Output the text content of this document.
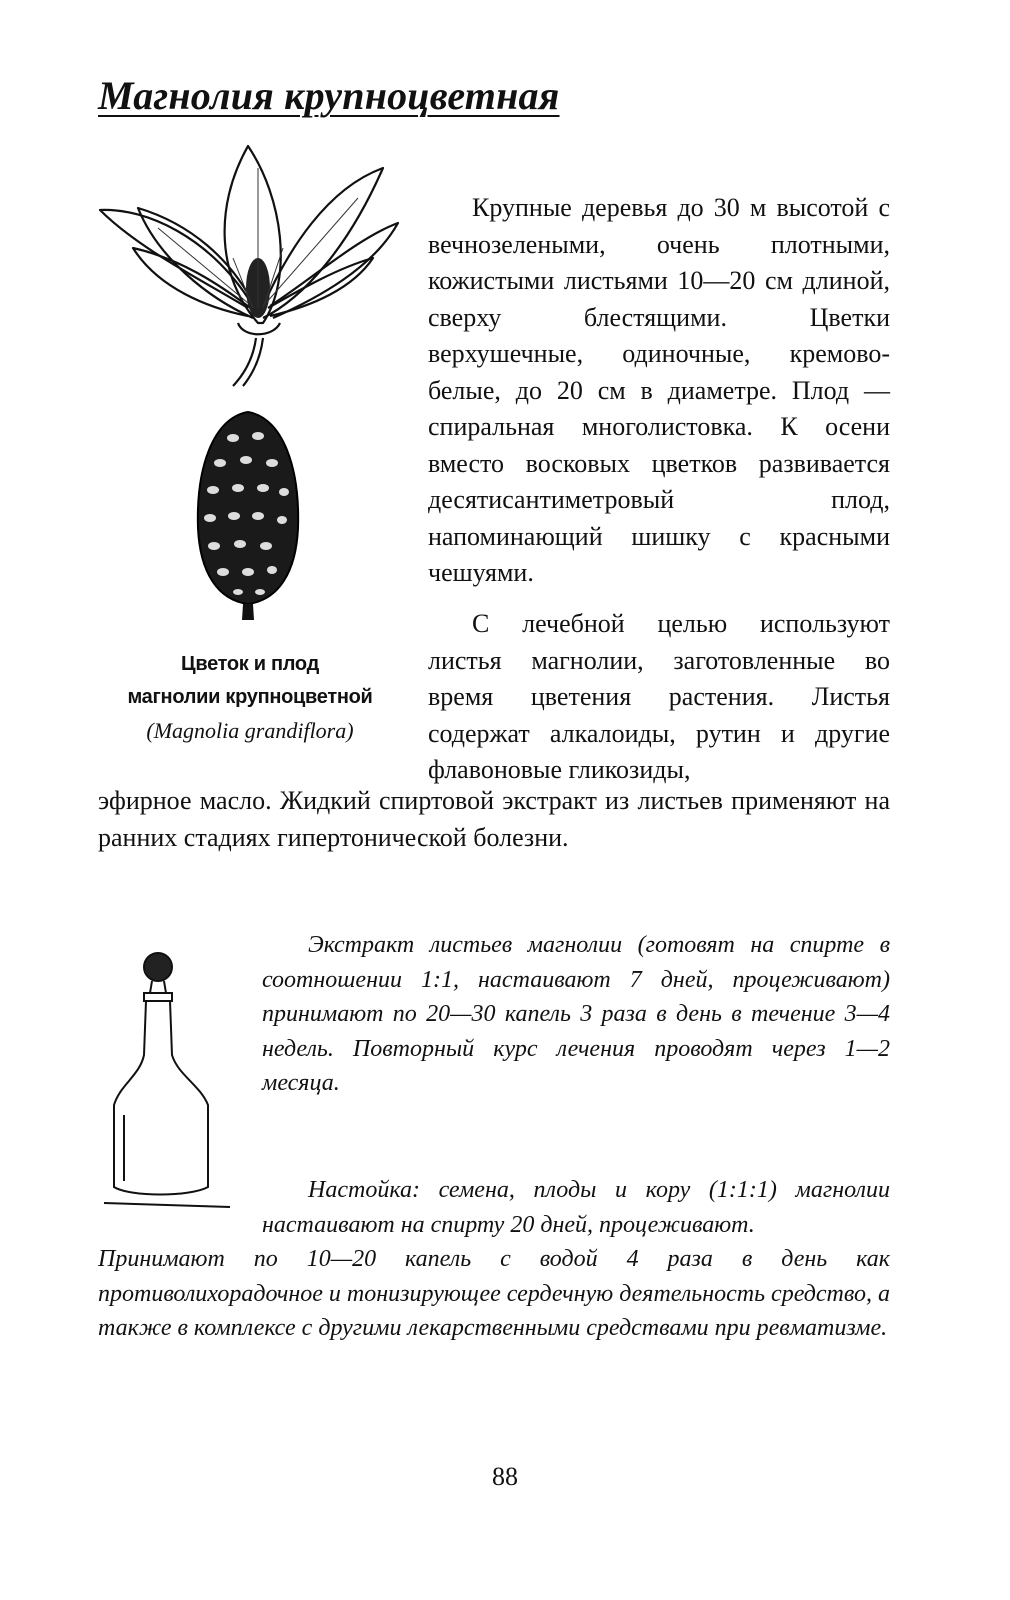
Магнолия крупноцветная
Цветок и плод
магнолии крупноцветной
(Magnolia grandiflora)

Крупные деревья до 30 м высотой с вечнозелеными, очень плотными, кожистыми листьями 10—20 см длиной, сверху блестящими. Цветки верхушечные, одиночные, кремово-белые, до 20 см в диаметре. Плод — спиральная многолистовка. К осени вместо восковых цветков развивается десятисантиметровый плод, напоминающий шишку с красными чешуями.

С лечебной целью используют листья магнолии, заготовленные во время цветения растения. Листья содержат алкалоиды, рутин и другие флавоновые гликозиды,

эфирное масло. Жидкий спиртовой экстракт из листьев применяют на ранних стадиях гипертонической болезни.

Экстракт листьев магнолии (готовят на спирте в соотношении 1:1, настаивают 7 дней, процеживают) принимают по 20—30 капель 3 раза в день в течение 3—4 недель. Повторный курс лечения проводят через 1—2 месяца.

Настойка: семена, плоды и кору (1:1:1) магнолии настаивают на спирту 20 дней, процеживают.

Принимают по 10—20 капель с водой 4 раза в день как противолихорадочное и тонизирующее сердечную деятельность средство, а также в комплексе с другими лекарственными средствами при ревматизме.

88
